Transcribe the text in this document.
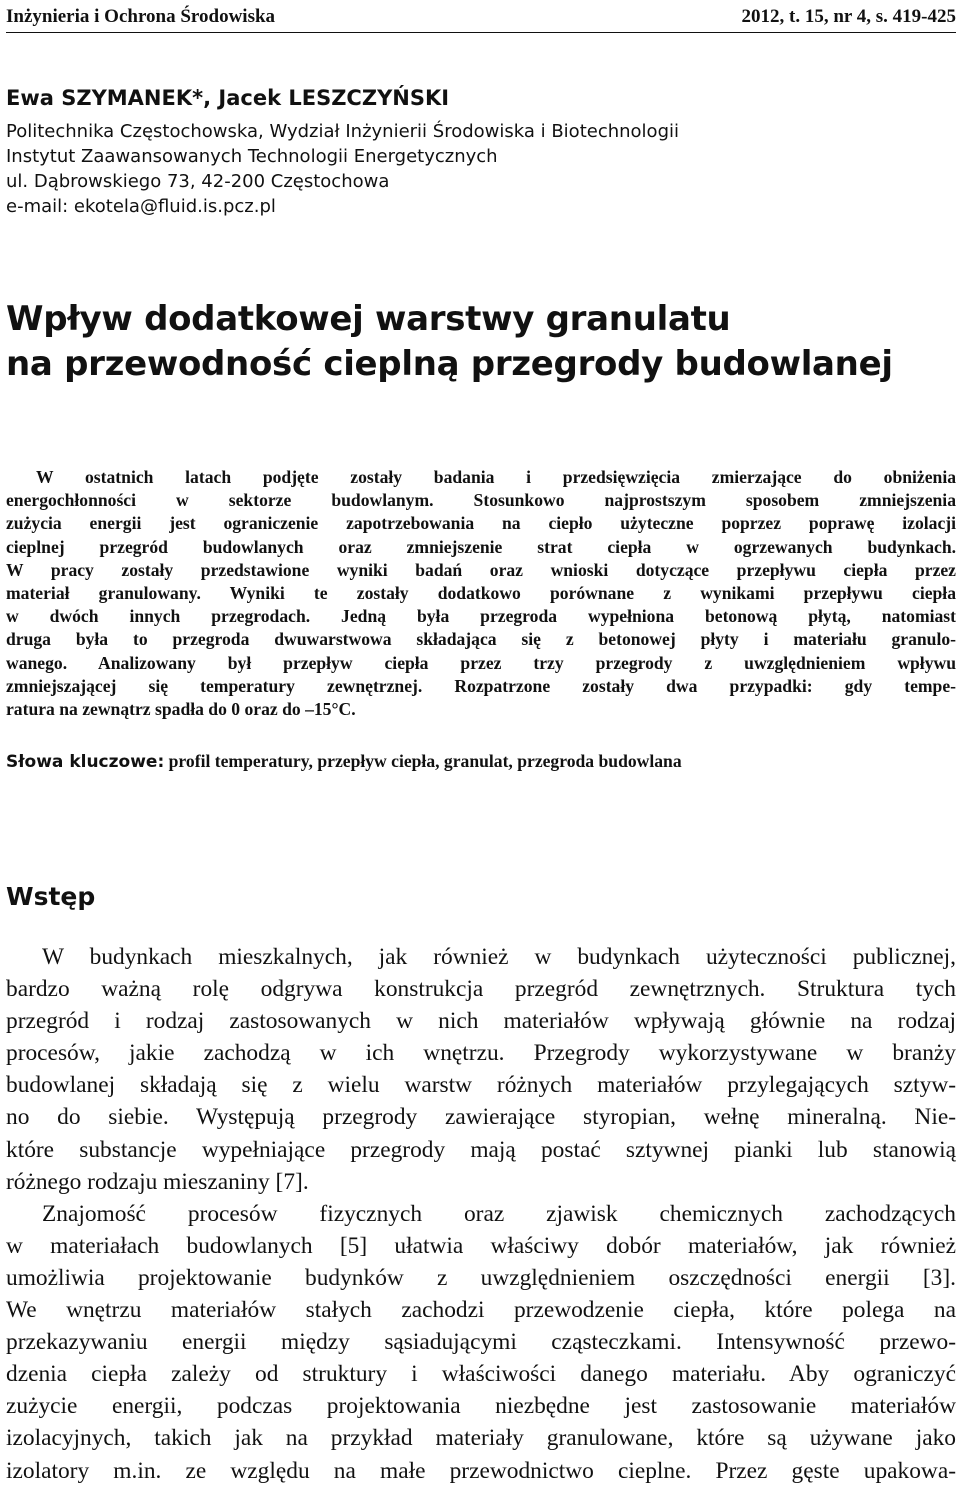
Inżynieria i Ochrona Środowiska	2012, t. 15, nr 4, s. 419-425
Ewa SZYMANEK*, Jacek LESZCZYŃSKI
Politechnika Częstochowska, Wydział Inżynierii Środowiska i Biotechnologii
Instytut Zaawansowanych Technologii Energetycznych
ul. Dąbrowskiego 73, 42-200 Częstochowa
e-mail: ekotela@fluid.is.pcz.pl
Wpływ dodatkowej warstwy granulatu
na przewodność cieplną przegrody budowlanej
W ostatnich latach podjęte zostały badania i przedsięwzięcia zmierzające do obniżenia
energochłonności w sektorze budowlanym. Stosunkowo najprostszym sposobem zmniejszenia
zużycia energii jest ograniczenie zapotrzebowania na ciepło użyteczne poprzez poprawę izolacji
cieplnej przegród budowlanych oraz zmniejszenie strat ciepła w ogrzewanych budynkach.
W pracy zostały przedstawione wyniki badań oraz wnioski dotyczące przepływu ciepła przez
materiał granulowany. Wyniki te zostały dodatkowo porównane z wynikami przepływu ciepła
w dwóch innych przegrodach. Jedną była przegroda wypełniona betonową płytą, natomiast
druga była to przegroda dwuwarstwowa składająca się z betonowej płyty i materiału granulo-
wanego. Analizowany był przepływ ciepła przez trzy przegrody z uwzględnieniem wpływu
zmniejszającej się temperatury zewnętrznej. Rozpatrzone zostały dwa przypadki: gdy tempe-
ratura na zewnątrz spadła do 0 oraz do –15°C.
Słowa kluczowe: profil temperatury, przepływ ciepła, granulat, przegroda budowlana
Wstęp
W budynkach mieszkalnych, jak również w budynkach użyteczności publicznej,
bardzo ważną rolę odgrywa konstrukcja przegród zewnętrznych. Struktura tych
przegród i rodzaj zastosowanych w nich materiałów wpływają głównie na rodzaj
procesów, jakie zachodzą w ich wnętrzu. Przegrody wykorzystywane w branży
budowlanej składają się z wielu warstw różnych materiałów przylegających sztyw-
no do siebie. Występują przegrody zawierające styropian, wełnę mineralną. Nie-
które substancje wypełniające przegrody mają postać sztywnej pianki lub stanowią
różnego rodzaju mieszaniny [7].
Znajomość procesów fizycznych oraz zjawisk chemicznych zachodzących
w materiałach budowlanych [5] ułatwia właściwy dobór materiałów, jak również
umożliwia projektowanie budynków z uwzględnieniem oszczędności energii [3].
We wnętrzu materiałów stałych zachodzi przewodzenie ciepła, które polega na
przekazywaniu energii między sąsiadującymi cząsteczkami. Intensywność przewo-
dzenia ciepła zależy od struktury i właściwości danego materiału. Aby ograniczyć
zużycie energii, podczas projektowania niezbędne jest zastosowanie materiałów
izolacyjnych, takich jak na przykład materiały granulowane, które są używane jako
izolatory m.in. ze względu na małe przewodnictwo cieplne. Przez gęste upakowa-
